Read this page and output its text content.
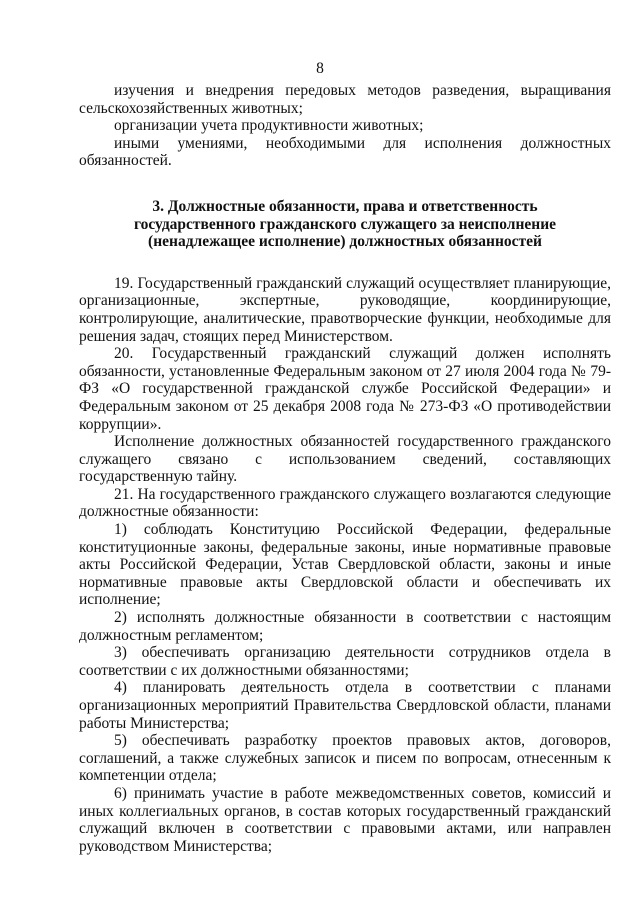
8

изучения и внедрения передовых методов разведения, выращивания сельскохозяйственных животных;

организации учета продуктивности животных;

иными умениями, необходимыми для исполнения должностных обязанностей.

3. Должностные обязанности, права и ответственность
государственного гражданского служащего за неисполнение
(ненадлежащее исполнение) должностных обязанностей

19. Государственный гражданский служащий осуществляет планирующие, организационные, экспертные, руководящие, координирующие, контролирующие, аналитические, правотворческие функции, необходимые для решения задач, стоящих перед Министерством.

20. Государственный гражданский служащий должен исполнять обязанности, установленные Федеральным законом от 27 июля 2004 года № 79-ФЗ «О государственной гражданской службе Российской Федерации» и Федеральным законом от 25 декабря 2008 года № 273-ФЗ «О противодействии коррупции».

Исполнение должностных обязанностей государственного гражданского служащего связано с использованием сведений, составляющих государственную тайну.

21. На государственного гражданского служащего возлагаются следующие должностные обязанности:

1) соблюдать Конституцию Российской Федерации, федеральные конституционные законы, федеральные законы, иные нормативные правовые акты Российской Федерации, Устав Свердловской области, законы и иные нормативные правовые акты Свердловской области и обеспечивать их исполнение;

2) исполнять должностные обязанности в соответствии с настоящим должностным регламентом;

3) обеспечивать организацию деятельности сотрудников отдела в соответствии с их должностными обязанностями;

4) планировать деятельность отдела в соответствии с планами организационных мероприятий Правительства Свердловской области, планами работы Министерства;

5) обеспечивать разработку проектов правовых актов, договоров, соглашений, а также служебных записок и писем по вопросам, отнесенным к компетенции отдела;

6) принимать участие в работе межведомственных советов, комиссий и иных коллегиальных органов, в состав которых государственный гражданский служащий включен в соответствии с правовыми актами, или направлен руководством Министерства;
